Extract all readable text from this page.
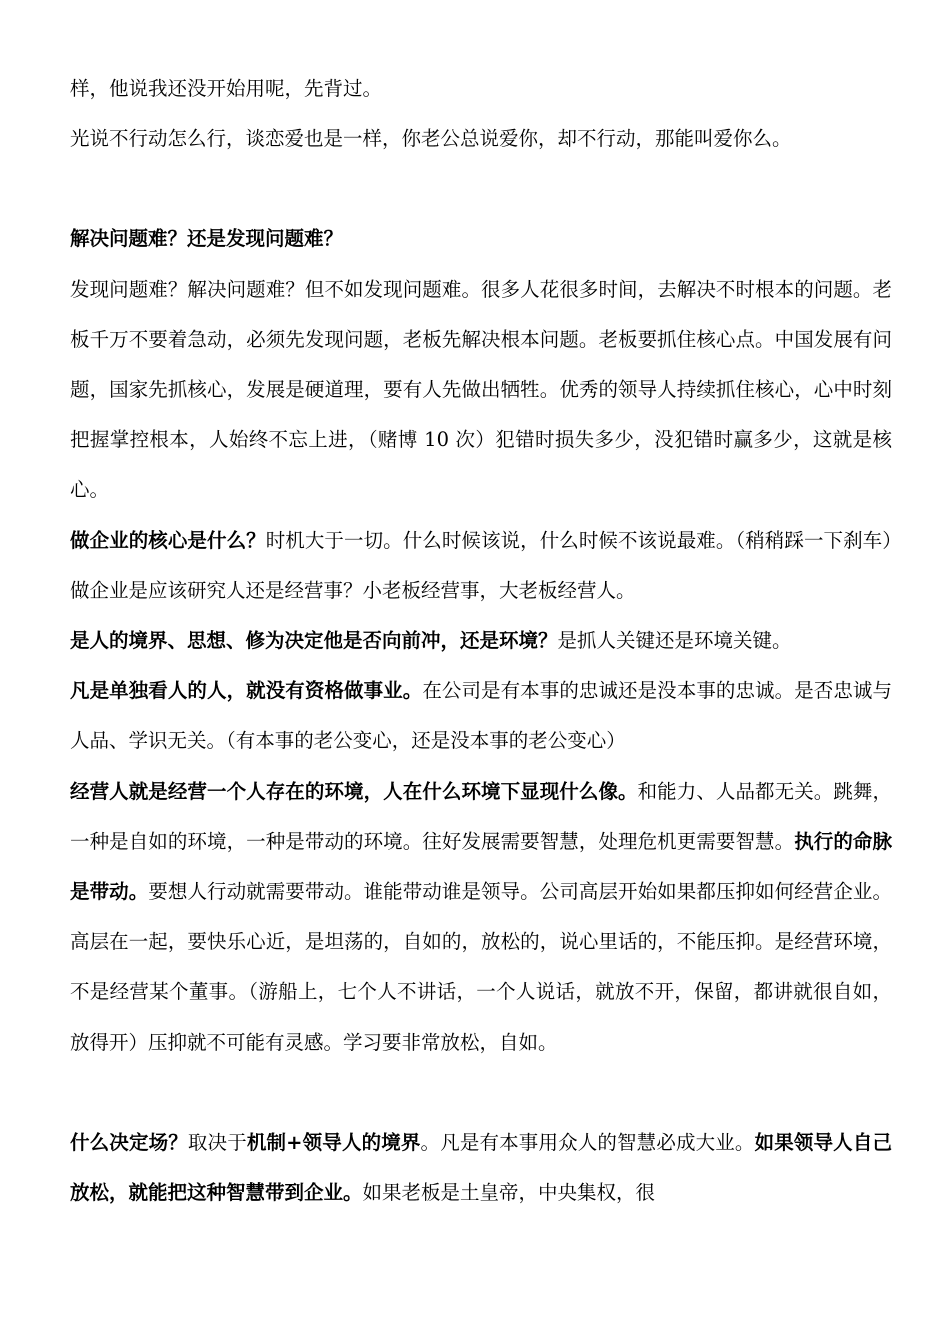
样，他说我还没开始用呢，先背过。

光说不行动怎么行，谈恋爱也是一样，你老公总说爱你，却不行动，那能叫爱你么。

解决问题难？还是发现问题难？

发现问题难？解决问题难？但不如发现问题难。很多人花很多时间，去解决不时根本的问题。老板千万不要着急动，必须先发现问题，老板先解决根本问题。老板要抓住核心点。中国发展有问题，国家先抓核心，发展是硬道理，要有人先做出牺牲。优秀的领导人持续抓住核心，心中时刻把握掌控根本，人始终不忘上进，（赌博 10 次）犯错时损失多少，没犯错时赢多少，这就是核心。

做企业的核心是什么？时机大于一切。什么时候该说，什么时候不该说最难。（稍稍踩一下刹车）做企业是应该研究人还是经营事？小老板经营事，大老板经营人。

是人的境界、思想、修为决定他是否向前冲，还是环境？是抓人关键还是环境关键。

凡是单独看人的人，就没有资格做事业。在公司是有本事的忠诚还是没本事的忠诚。是否忠诚与人品、学识无关。（有本事的老公变心，还是没本事的老公变心）

经营人就是经营一个人存在的环境，人在什么环境下显现什么像。和能力、人品都无关。跳舞，一种是自如的环境，一种是带动的环境。往好发展需要智慧，处理危机更需要智慧。执行的命脉是带动。要想人行动就需要带动。谁能带动谁是领导。公司高层开始如果都压抑如何经营企业。高层在一起，要快乐心近，是坦荡的，自如的，放松的，说心里话的，不能压抑。是经营环境，不是经营某个董事。（游船上，七个人不讲话，一个人说话，就放不开，保留，都讲就很自如，放得开）压抑就不可能有灵感。学习要非常放松，自如。

什么决定场？取决于机制+领导人的境界。凡是有本事用众人的智慧必成大业。如果领导人自己放松，就能把这种智慧带到企业。如果老板是土皇帝，中央集权，很
